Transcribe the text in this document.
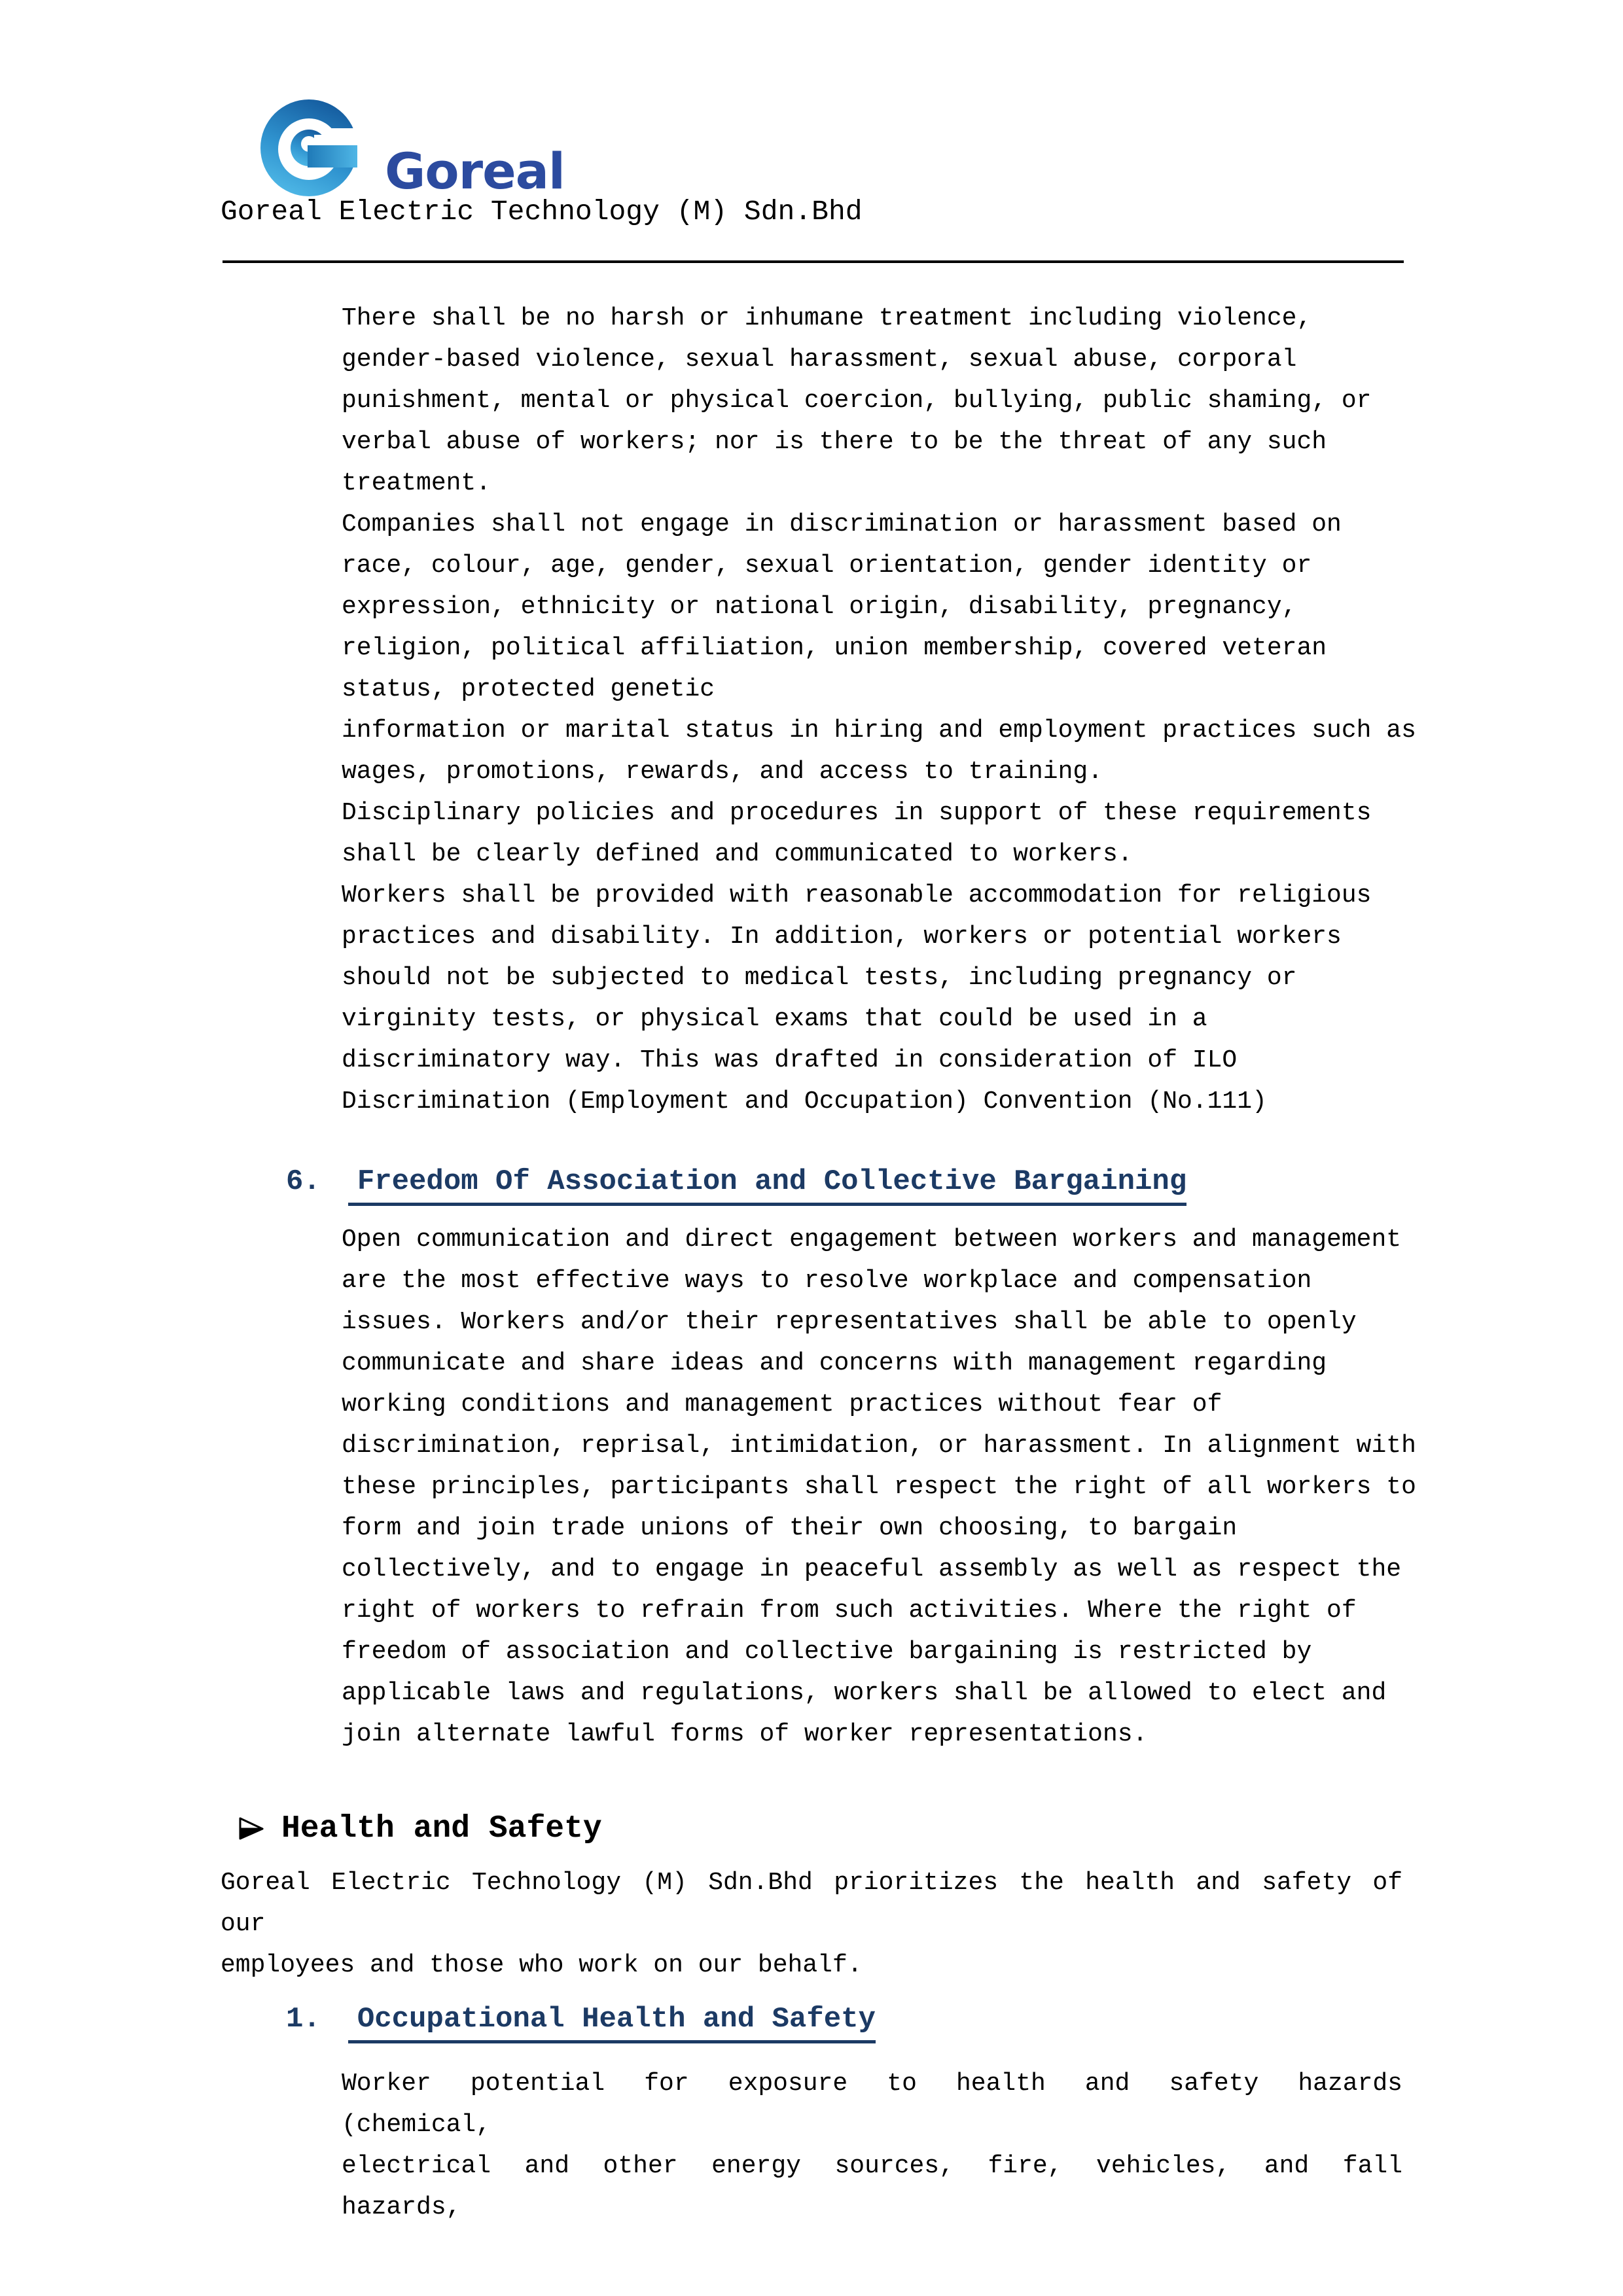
Goreal
Goreal Electric Technology (M) Sdn.Bhd
There shall be no harsh or inhumane treatment including violence,
gender-based violence, sexual harassment, sexual abuse, corporal
punishment, mental or physical coercion, bullying, public shaming, or
verbal abuse of workers; nor is there to be the threat of any such
treatment.
Companies shall not engage in discrimination or harassment based on
race, colour, age, gender, sexual orientation, gender identity or
expression, ethnicity or national origin, disability, pregnancy,
religion, political affiliation, union membership, covered veteran
status, protected genetic
information or marital status in hiring and employment practices such as
wages, promotions, rewards, and access to training.
Disciplinary policies and procedures in support of these requirements
shall be clearly defined and communicated to workers.
Workers shall be provided with reasonable accommodation for religious
practices and disability. In addition, workers or potential workers
should not be subjected to medical tests, including pregnancy or
virginity tests, or physical exams that could be used in a
discriminatory way. This was drafted in consideration of ILO
Discrimination (Employment and Occupation) Convention (No.111)
6. Freedom Of Association and Collective Bargaining
Open communication and direct engagement between workers and management
are the most effective ways to resolve workplace and compensation
issues. Workers and/or their representatives shall be able to openly
communicate and share ideas and concerns with management regarding
working conditions and management practices without fear of
discrimination, reprisal, intimidation, or harassment. In alignment with
these principles, participants shall respect the right of all workers to
form and join trade unions of their own choosing, to bargain
collectively, and to engage in peaceful assembly as well as respect the
right of workers to refrain from such activities. Where the right of
freedom of association and collective bargaining is restricted by
applicable laws and regulations, workers shall be allowed to elect and
join alternate lawful forms of worker representations.
Health and Safety
Goreal Electric Technology (M) Sdn.Bhd prioritizes the health and safety of our
employees and those who work on our behalf.
1. Occupational Health and Safety
Worker potential for exposure to health and safety hazards (chemical,
electrical and other energy sources, fire, vehicles, and fall hazards,
